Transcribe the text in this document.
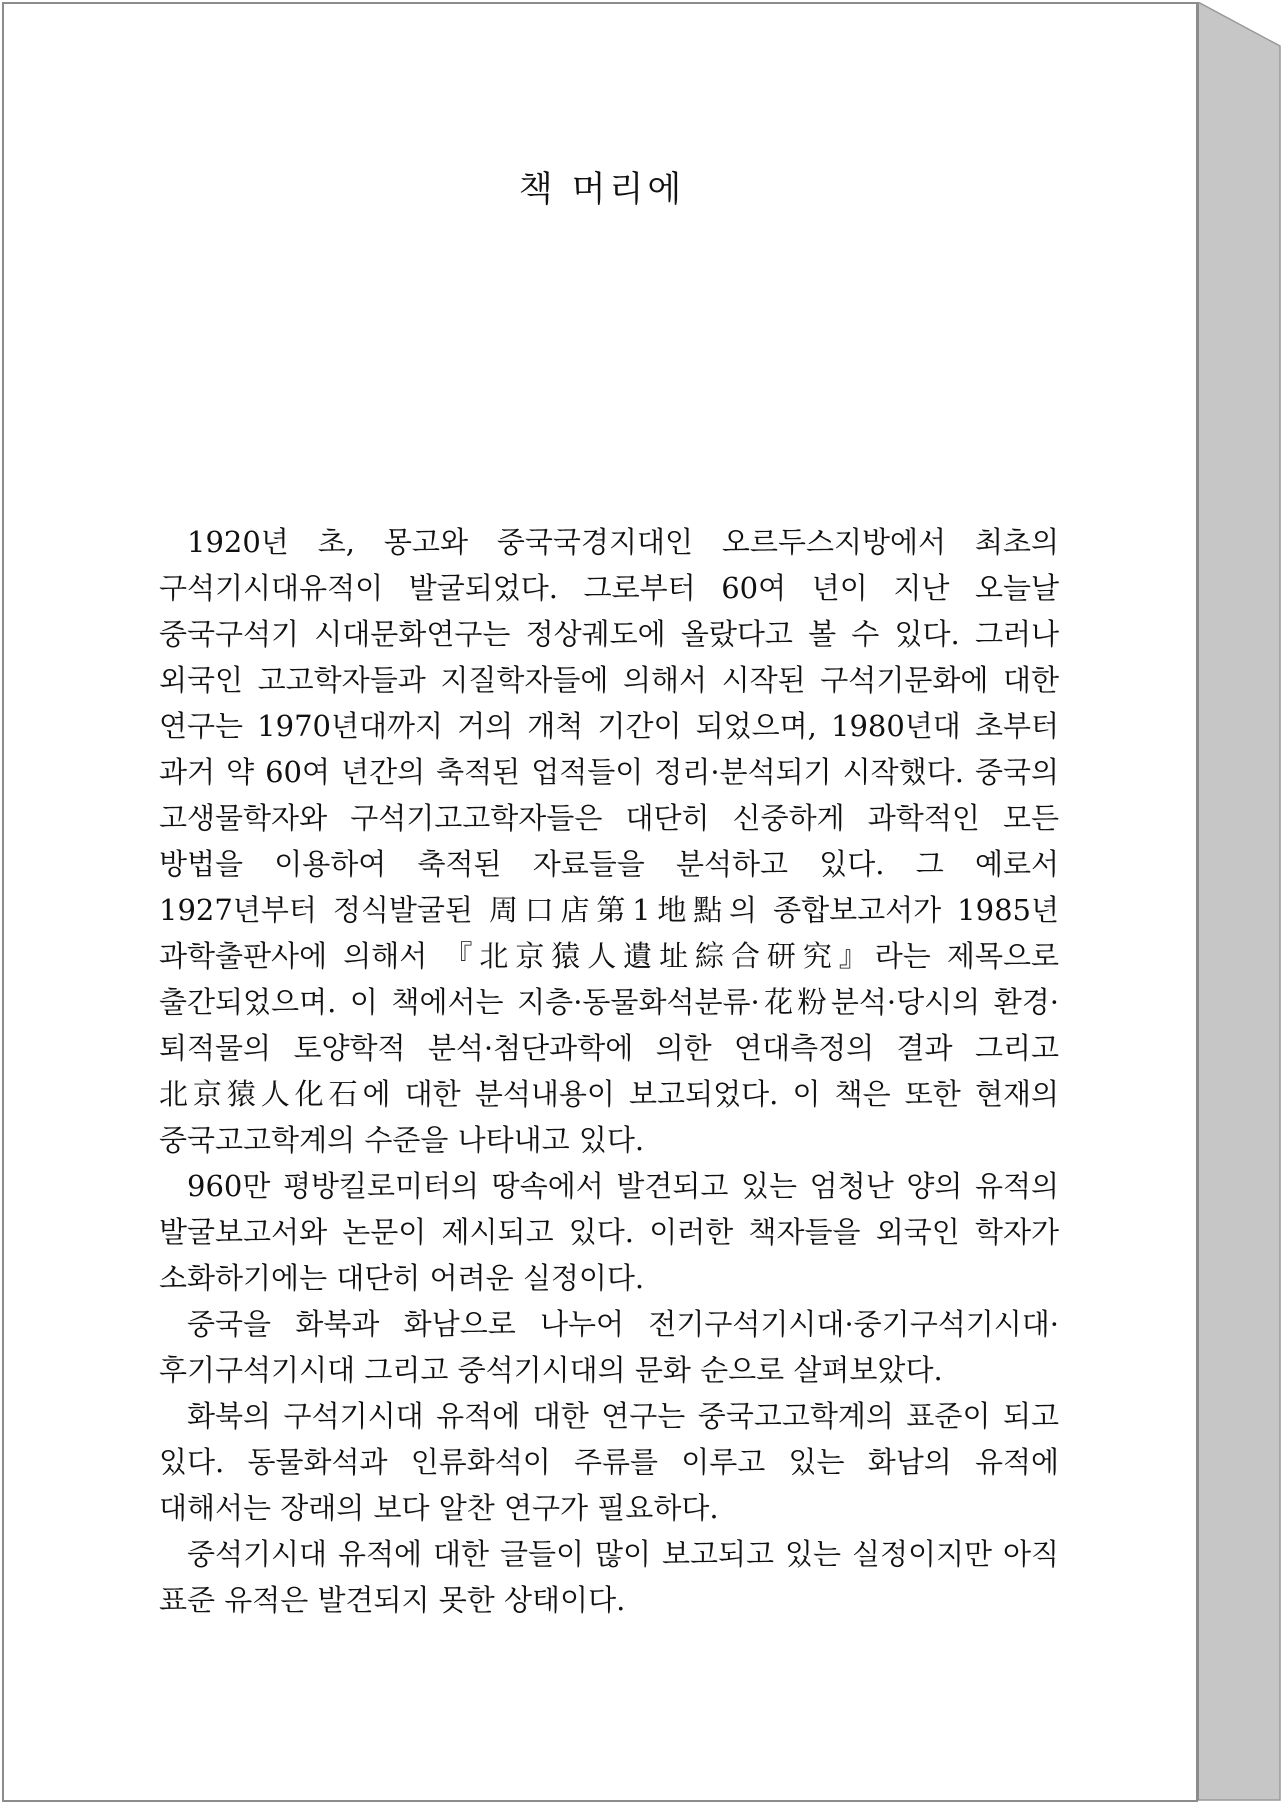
책 머리에

1920년 초, 몽고와 중국국경지대인 오르두스지방에서 최초의 구석기시대유적이 발굴되었다. 그로부터 60여 년이 지난 오늘날 중국구석기 시대문화연구는 정상궤도에 올랐다고 볼 수 있다. 그러나 외국인 고고학자들과 지질학자들에 의해서 시작된 구석기문화에 대한 연구는 1970년대까지 거의 개척 기간이 되었으며, 1980년대 초부터 과거 약 60여 년간의 축적된 업적들이 정리·분석되기 시작했다. 중국의 고생물학자와 구석기고고학자들은 대단히 신중하게 과학적인 모든 방법을 이용하여 축적된 자료들을 분석하고 있다. 그 예로서 1927년부터 정식발굴된 周口店第1地點의 종합보고서가 1985년 과학출판사에 의해서 『北京猿人遺址綜合研究』라는 제목으로 출간되었으며. 이 책에서는 지층·동물화석분류·花粉분석·당시의 환경·퇴적물의 토양학적 분석·첨단과학에 의한 연대측정의 결과 그리고 北京猿人化石에 대한 분석내용이 보고되었다. 이 책은 또한 현재의 중국고고학계의 수준을 나타내고 있다.

960만 평방킬로미터의 땅속에서 발견되고 있는 엄청난 양의 유적의 발굴보고서와 논문이 제시되고 있다. 이러한 책자들을 외국인 학자가 소화하기에는 대단히 어려운 실정이다.

중국을 화북과 화남으로 나누어 전기구석기시대·중기구석기시대·후기구석기시대 그리고 중석기시대의 문화 순으로 살펴보았다.

화북의 구석기시대 유적에 대한 연구는 중국고고학계의 표준이 되고 있다. 동물화석과 인류화석이 주류를 이루고 있는 화남의 유적에 대해서는 장래의 보다 알찬 연구가 필요하다.

중석기시대 유적에 대한 글들이 많이 보고되고 있는 실정이지만 아직 표준 유적은 발견되지 못한 상태이다.
